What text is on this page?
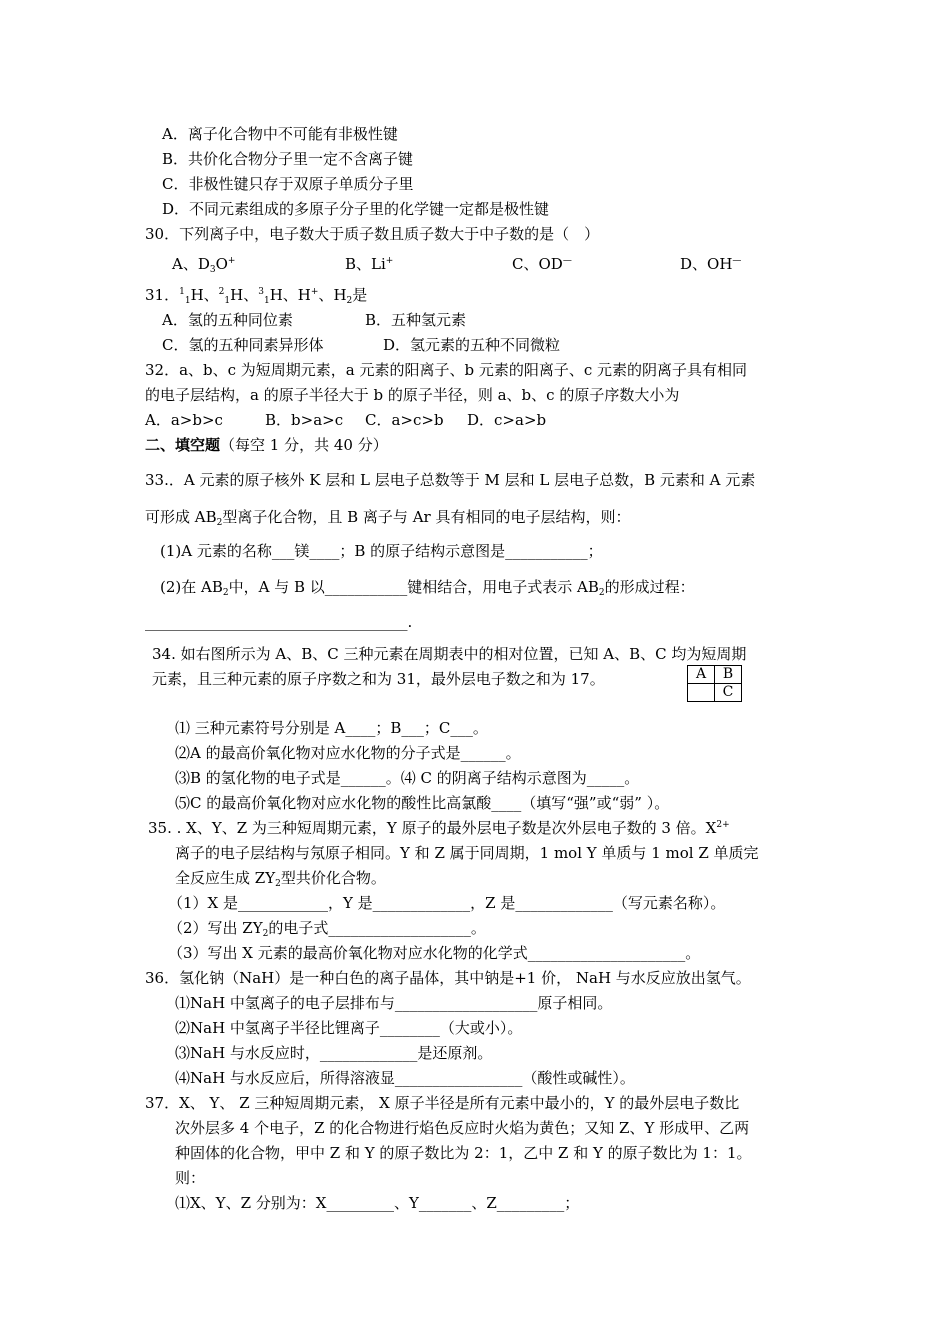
A．离子化合物中不可能有非极性键
B．共价化合物分子里一定不含离子键
C．非极性键只存于双原子单质分子里
D．不同元素组成的多原子分子里的化学键一定都是极性键
30．下列离子中，电子数大于质子数且质子数大于中子数的是（　）
A、$D_3O^+$	B、Li+	C、OD—	D、OH—
31．$^1_1$H、$^2_1$H、$^3_1$H、H+、$H_2$是
A．氢的五种同位素	B．五种氢元素
C．氢的五种同素异形体	D．氢元素的五种不同微粒
32．a、b、c 为短周期元素，a 元素的阳离子、b 元素的阳离子、c 元素的阴离子具有相同
的电子层结构，a 的原子半径大于 b 的原子半径，则 a、b、c 的原子序数大小为
A．a>b>c	B．b>a>c C．a>c>b D．c>a>b
二、填空题（每空 1 分，共 40 分）
33.．A 元素的原子核外 K 层和 L 层电子总数等于 M 层和 L 层电子总数，B 元素和 A 元素
可形成 $AB_2$型离子化合物，且 B 离子与 Ar 具有相同的电子层结构，则：
(1)A 元素的名称___镁____；B 的原子结构示意图是___________；
(2)在 $AB_2$中，A 与 B 以___________键相结合，用电子式表示 $AB_2$的形成过程：
___________________________________.
34. 如右图所示为 A、B、C 三种元素在周期表中的相对位置，已知 A、B、C 均为短周期
元素，且三种元素的原子序数之和为 31，最外层电子数之和为 17。	A	B
	C
⑴ 三种元素符号分别是 A____；B___；C___。
⑵A 的最高价氧化物对应水化物的分子式是______。
⑶B 的氢化物的电子式是______。⑷ C 的阴离子结构示意图为_____。
⑸C 的最高价氧化物对应水化物的酸性比高氯酸____（填写“强”或“弱” ）。
35. . X、Y、Z 为三种短周期元素，Y 原子的最外层电子数是次外层电子数的 3 倍。$X^{2+}$
离子的电子层结构与氖原子相同。Y 和 Z 属于同周期，1 mol Y 单质与 1 mol Z 单质完
全反应生成 $ZY_2$型共价化合物。
（1）X 是____________，Y 是_____________，Z 是_____________（写元素名称）。
（2）写出 $ZY_2$的电子式___________________。
（3）写出 X 元素的最高价氧化物对应水化物的化学式_____________________。
36．氢化钠（NaH）是一种白色的离子晶体，其中钠是+1 价， NaH 与水反应放出氢气。
⑴NaH 中氢离子的电子层排布与___________________原子相同。
⑵NaH 中氢离子半径比锂离子________（大或小）。
⑶NaH 与水反应时，_____________是还原剂。
⑷NaH 与水反应后，所得溶液显_________________（酸性或碱性）。
37．X、 Y、 Z 三种短周期元素， X 原子半径是所有元素中最小的，Y 的最外层电子数比
次外层多 4 个电子，Z 的化合物进行焰色反应时火焰为黄色；又知 Z、Y 形成甲、乙两
种固体的化合物，甲中 Z 和 Y 的原子数比为 2：1，乙中 Z 和 Y 的原子数比为 1：1。
则：
⑴X、Y、Z 分别为：X_________、Y_______、Z_________；
